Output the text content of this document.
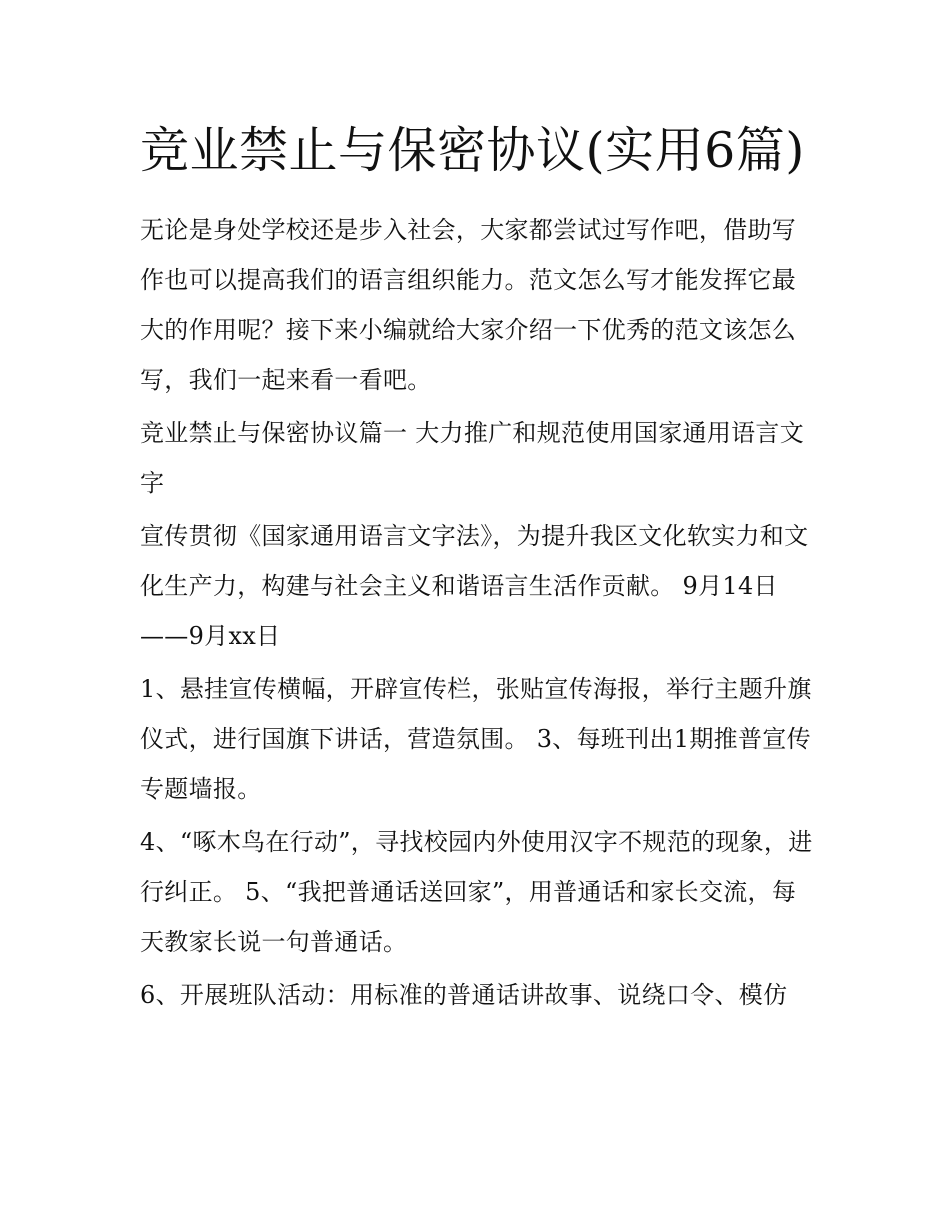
竞业禁止与保密协议(实用6篇)

无论是身处学校还是步入社会，大家都尝试过写作吧，借助写作也可以提高我们的语言组织能力。范文怎么写才能发挥它最大的作用呢？接下来小编就给大家介绍一下优秀的范文该怎么写，我们一起来看一看吧。

竞业禁止与保密协议篇一 大力推广和规范使用国家通用语言文字

宣传贯彻《国家通用语言文字法》，为提升我区文化软实力和文化生产力，构建与社会主义和谐语言生活作贡献。 9月14日——9月xx日

1、悬挂宣传横幅，开辟宣传栏，张贴宣传海报，举行主题升旗仪式，进行国旗下讲话，营造氛围。 3、每班刊出1期推普宣传专题墙报。

4、“啄木鸟在行动”，寻找校园内外使用汉字不规范的现象，进行纠正。 5、“我把普通话送回家”，用普通话和家长交流，每天教家长说一句普通话。

6、开展班队活动：用标准的普通话讲故事、说绕口令、模仿
